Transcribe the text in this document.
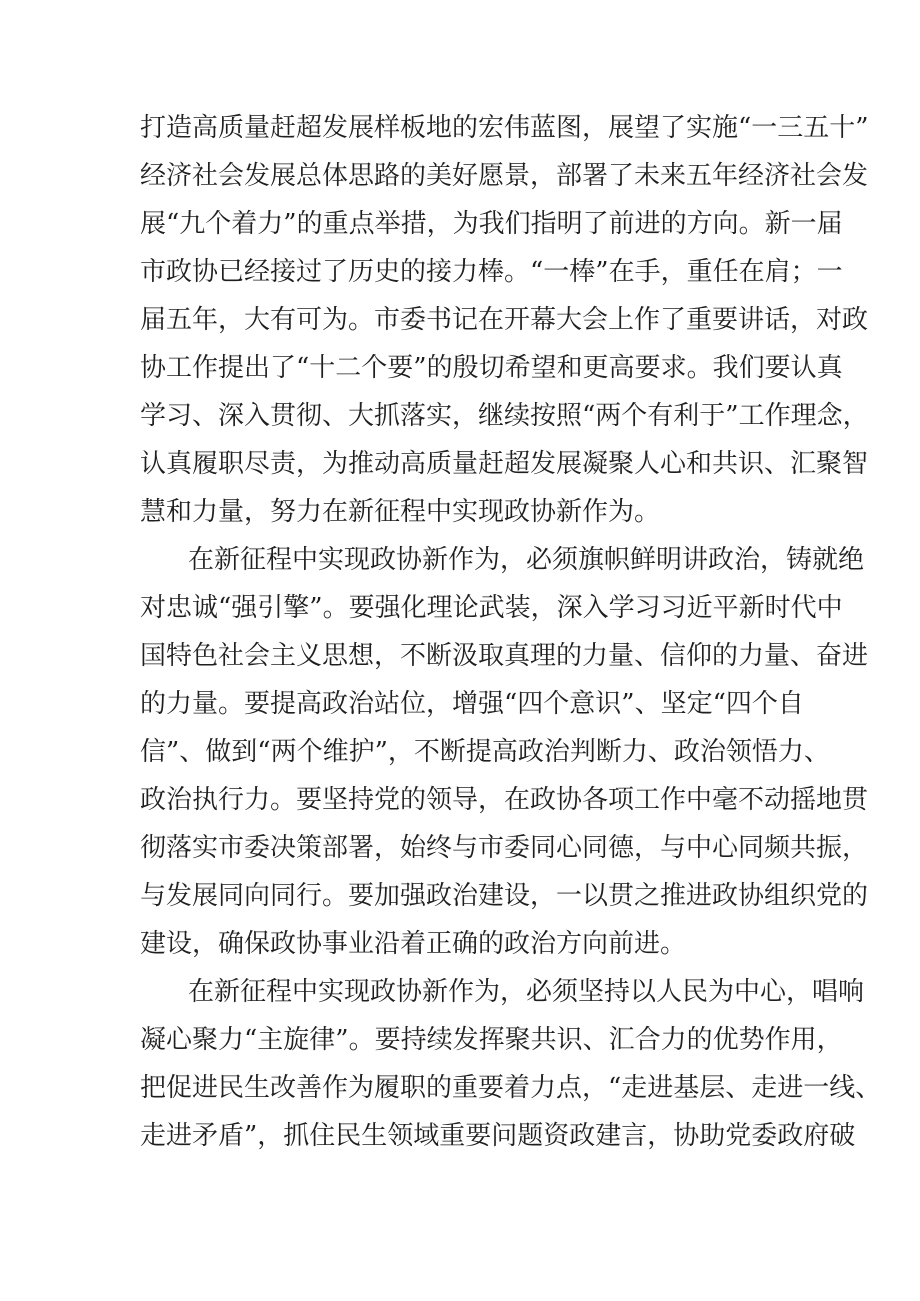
打造高质量赶超发展样板地的宏伟蓝图，展望了实施“一三五十”
经济社会发展总体思路的美好愿景，部署了未来五年经济社会发
展“九个着力”的重点举措，为我们指明了前进的方向。新一届
市政协已经接过了历史的接力棒。“一棒”在手，重任在肩；一
届五年，大有可为。市委书记在开幕大会上作了重要讲话，对政
协工作提出了“十二个要”的殷切希望和更高要求。我们要认真
学习、深入贯彻、大抓落实，继续按照“两个有利于”工作理念，
认真履职尽责，为推动高质量赶超发展凝聚人心和共识、汇聚智
慧和力量，努力在新征程中实现政协新作为。
在新征程中实现政协新作为，必须旗帜鲜明讲政治，铸就绝
对忠诚“强引擎”。要强化理论武装，深入学习习近平新时代中
国特色社会主义思想，不断汲取真理的力量、信仰的力量、奋进
的力量。要提高政治站位，增强“四个意识”、坚定“四个自
信”、做到“两个维护”，不断提高政治判断力、政治领悟力、
政治执行力。要坚持党的领导，在政协各项工作中毫不动摇地贯
彻落实市委决策部署，始终与市委同心同德，与中心同频共振，
与发展同向同行。要加强政治建设，一以贯之推进政协组织党的
建设，确保政协事业沿着正确的政治方向前进。
在新征程中实现政协新作为，必须坚持以人民为中心，唱响
凝心聚力“主旋律”。要持续发挥聚共识、汇合力的优势作用，
把促进民生改善作为履职的重要着力点，“走进基层、走进一线、
走进矛盾”，抓住民生领域重要问题资政建言，协助党委政府破
